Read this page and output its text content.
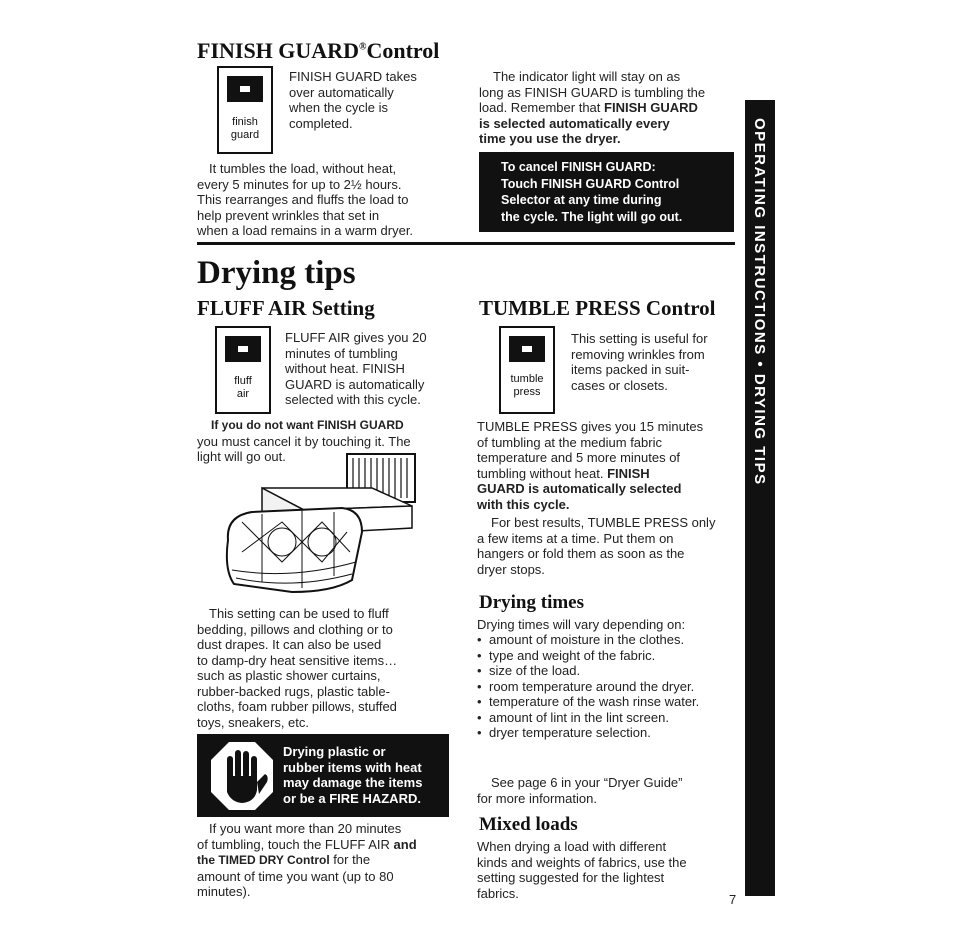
FINISH GUARD®Control
finish
guard
FINISH GUARD takes
over automatically
when the cycle is
completed.
It tumbles the load, without heat,
every 5 minutes for up to 2½ hours.
This rearranges and fluffs the load to
help prevent wrinkles that set in
when a load remains in a warm dryer.
The indicator light will stay on as
long as FINISH GUARD is tumbling the
load. Remember that FINISH GUARD
is selected automatically every
time you use the dryer.
To cancel FINISH GUARD:
Touch FINISH GUARD Control
Selector at any time during
the cycle. The light will go out.
Drying tips
FLUFF AIR Setting
fluff
air
FLUFF AIR gives you 20
minutes of tumbling
without heat. FINISH
GUARD is automatically
selected with this cycle.
If you do not want FINISH GUARD
you must cancel it by touching it. The
light will go out.
This setting can be used to fluff
bedding, pillows and clothing or to
dust drapes. It can also be used
to damp-dry heat sensitive items…
such as plastic shower curtains,
rubber-backed rugs, plastic table-
cloths, foam rubber pillows, stuffed
toys, sneakers, etc.
Drying plastic or
rubber items with heat
may damage the items
or be a FIRE HAZARD.
If you want more than 20 minutes
of tumbling, touch the FLUFF AIR and
the TIMED DRY Control for the
amount of time you want (up to 80
minutes).
TUMBLE PRESS Control
tumble
press
This setting is useful for
removing wrinkles from
items packed in suit-
cases or closets.
TUMBLE PRESS gives you 15 minutes
of tumbling at the medium fabric
temperature and 5 more minutes of
tumbling without heat. FINISH
GUARD is automatically selected
with this cycle.
For best results, TUMBLE PRESS only
a few items at a time. Put them on
hangers or fold them as soon as the
dryer stops.
Drying times
Drying times will vary depending on:
• amount of moisture in the clothes.
• type and weight of the fabric.
• size of the load.
• room temperature around the dryer.
• temperature of the wash rinse water.
• amount of lint in the lint screen.
• dryer temperature selection.
See page 6 in your “Dryer Guide”
for more information.
Mixed loads
When drying a load with different
kinds and weights of fabrics, use the
setting suggested for the lightest
fabrics.
OPERATING INSTRUCTIONS • DRYING TIPS
7
